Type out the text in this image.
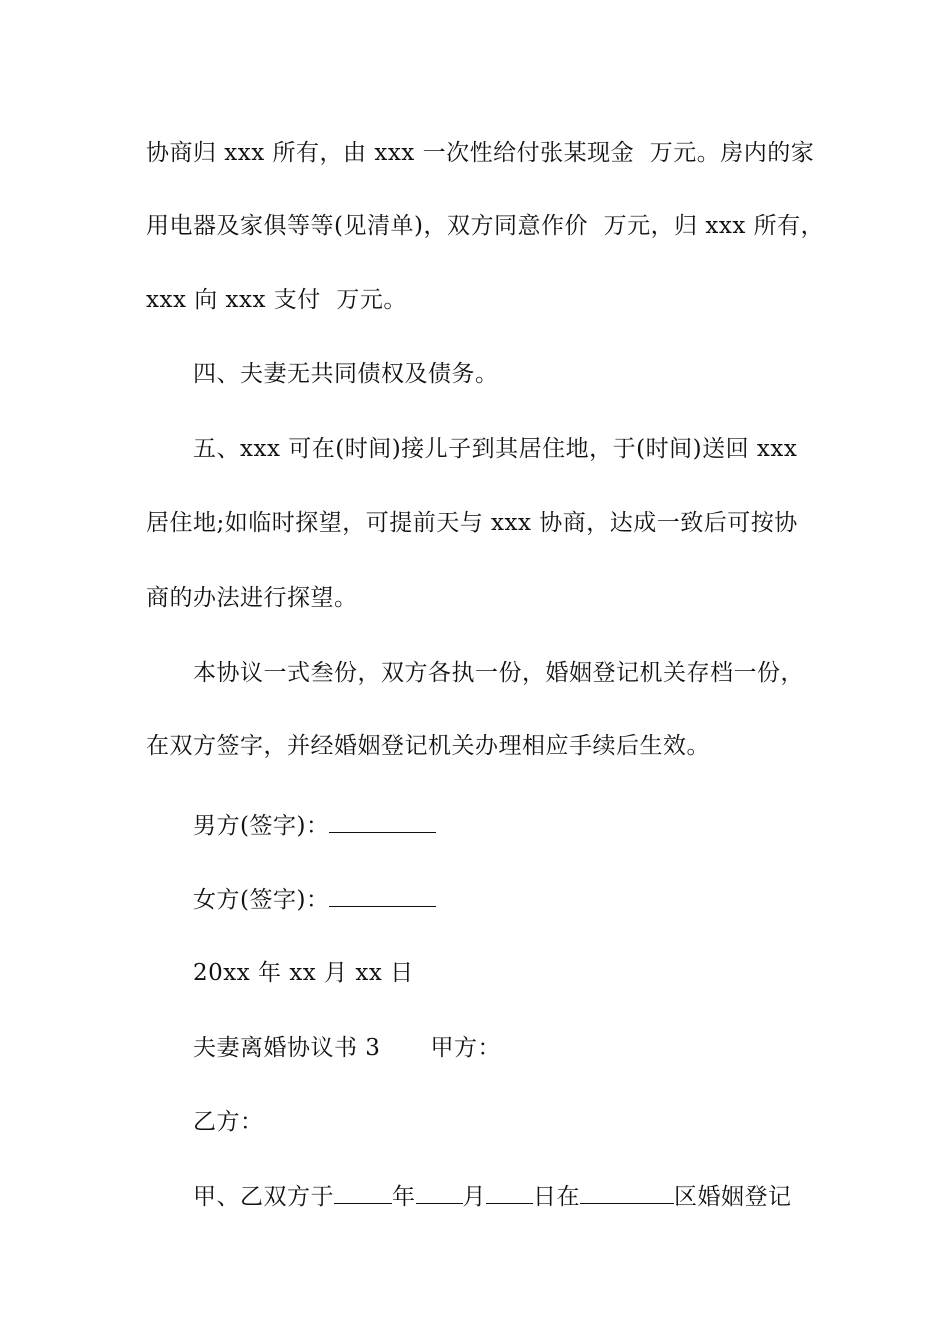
协商归 xxx 所有，由 xxx 一次性给付张某现金  万元。房内的家
用电器及家俱等等(见清单)，双方同意作价  万元，归 xxx 所有，
xxx 向 xxx 支付  万元。
四、夫妻无共同债权及债务。
五、xxx 可在(时间)接儿子到其居住地，于(时间)送回 xxx
居住地;如临时探望，可提前天与 xxx 协商，达成一致后可按协
商的办法进行探望。
本协议一式叁份，双方各执一份，婚姻登记机关存档一份，
在双方签字，并经婚姻登记机关办理相应手续后生效。
男方(签字)：
女方(签字)：
20xx 年 xx 月 xx 日
夫妻离婚协议书 3 甲方：
乙方：
甲、乙双方于	年 月 日在	区婚姻登记
